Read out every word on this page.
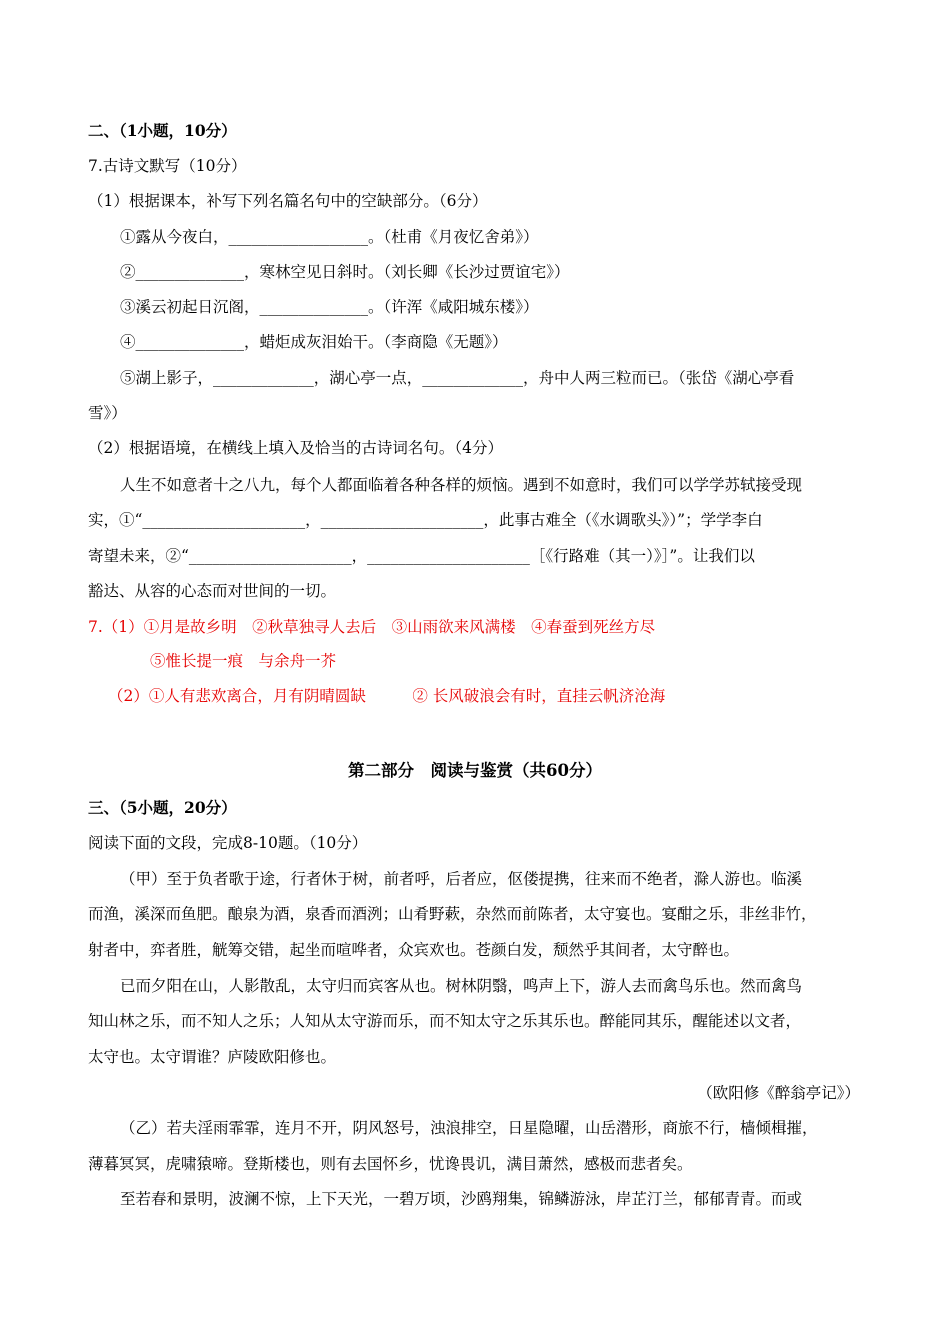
二、（1小题，10分）
7.古诗文默写（10分）
（1）根据课本，补写下列名篇名句中的空缺部分。（6分）
①露从今夜白，__________________。（杜甫《月夜忆舍弟》）
②______________，寒林空见日斜时。（刘长卿《长沙过贾谊宅》）
③溪云初起日沉阁，______________。（许浑《咸阳城东楼》）
④______________，蜡炬成灰泪始干。（李商隐《无题》）
⑤湖上影子，_____________，湖心亭一点，_____________，舟中人两三粒而已。（张岱《湖心亭看
雪》）
（2）根据语境，在横线上填入及恰当的古诗词名句。（4分）
人生不如意者十之八九，每个人都面临着各种各样的烦恼。遇到不如意时，我们可以学学苏轼接受现
实，①“_____________________，_____________________，此事古难全（《水调歌头》）”；学学李白
寄望未来，②“_____________________，_____________________［《行路难（其一）》］”。让我们以
豁达、从容的心态而对世间的一切。
7.（1）①月是故乡明　②秋草独寻人去后　③山雨欲来风满楼　④春蚕到死丝方尽
⑤惟长提一痕　与余舟一芥
（2）①人有悲欢离合，月有阴晴圆缺　　　② 长风破浪会有时，直挂云帆济沧海
第二部分　阅读与鉴赏（共60分）
三、（5小题，20分）
阅读下面的文段，完成8-10题。（10分）
（甲）至于负者歌于途，行者休于树，前者呼，后者应，伛偻提携，往来而不绝者，滁人游也。临溪
而渔，溪深而鱼肥。酿泉为酒，泉香而酒洌；山肴野蔌，杂然而前陈者，太守宴也。宴酣之乐，非丝非竹，
射者中，弈者胜，觥筹交错，起坐而喧哗者，众宾欢也。苍颜白发，颓然乎其间者，太守醉也。
已而夕阳在山，人影散乱，太守归而宾客从也。树林阴翳，鸣声上下，游人去而禽鸟乐也。然而禽鸟
知山林之乐，而不知人之乐；人知从太守游而乐，而不知太守之乐其乐也。醉能同其乐，醒能述以文者，
太守也。太守谓谁？庐陵欧阳修也。
（欧阳修《醉翁亭记》）
（乙）若夫淫雨霏霏，连月不开，阴风怒号，浊浪排空，日星隐曜，山岳潜形，商旅不行，樯倾楫摧，
薄暮冥冥，虎啸猿啼。登斯楼也，则有去国怀乡，忧谗畏讥，满目萧然，感极而悲者矣。
至若春和景明，波澜不惊，上下天光，一碧万顷，沙鸥翔集，锦鳞游泳，岸芷汀兰，郁郁青青。而或
